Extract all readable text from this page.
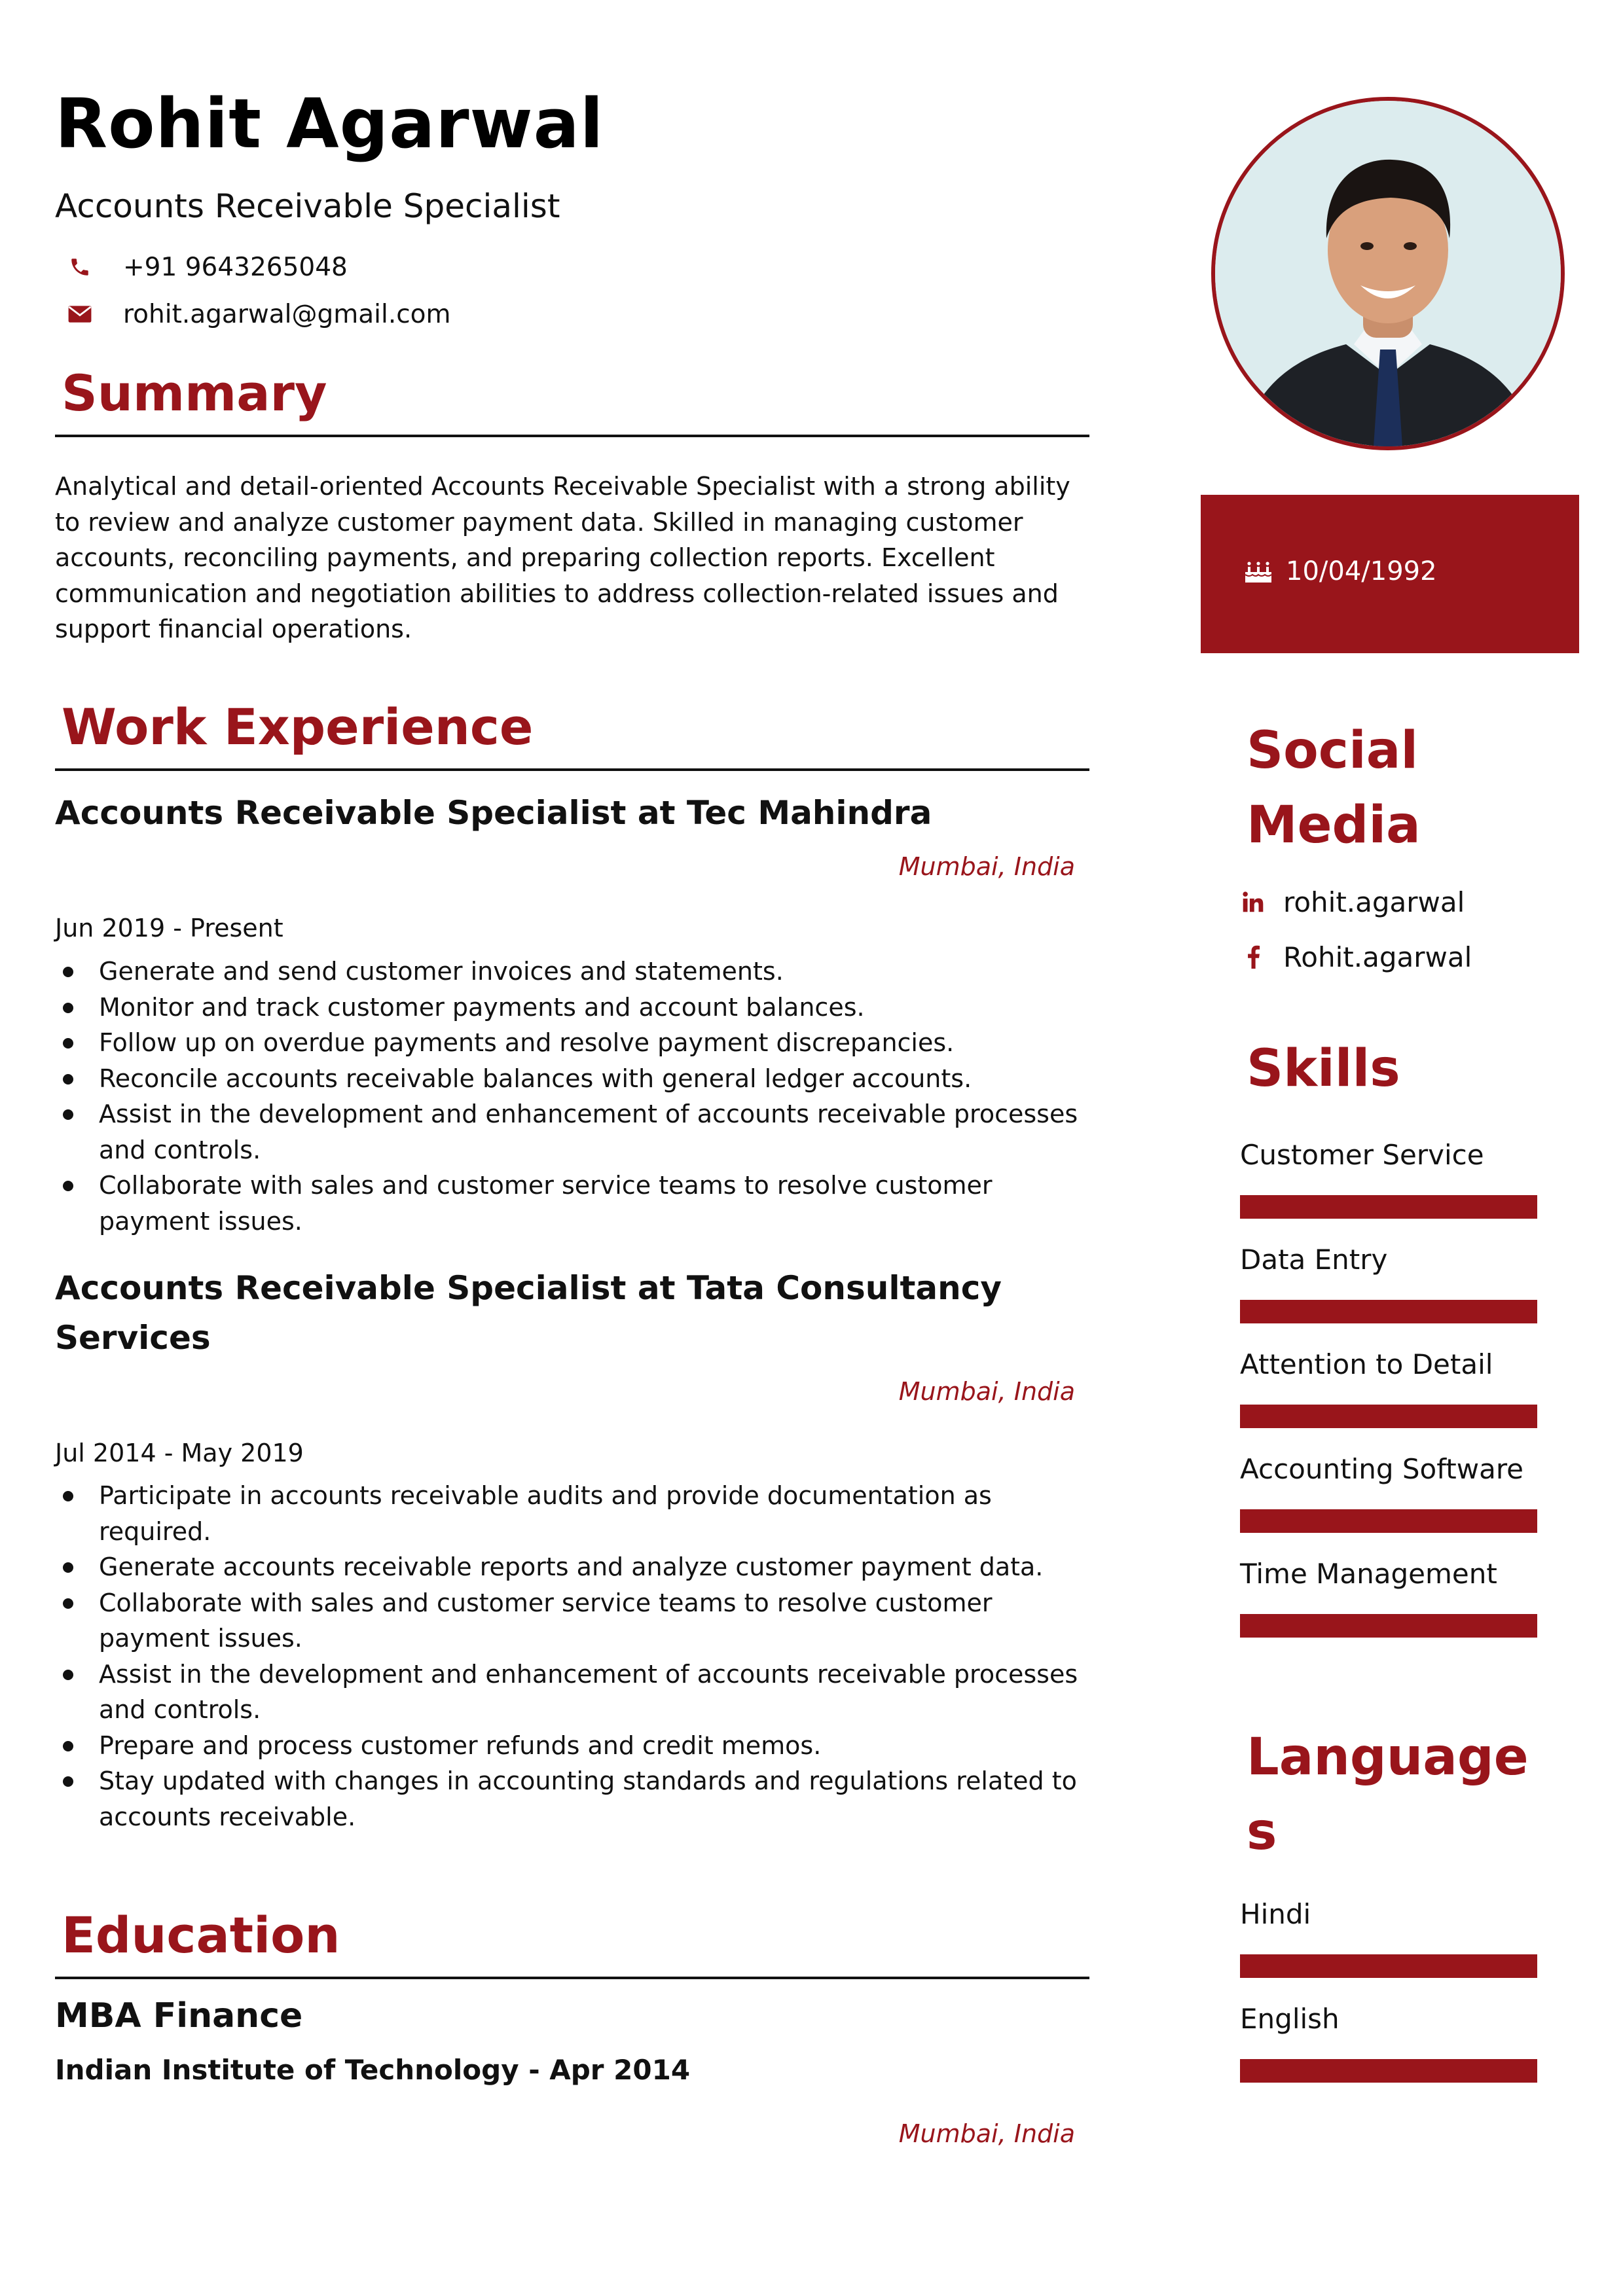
Rohit Agarwal
Accounts Receivable Specialist
+91 9643265048
rohit.agarwal@gmail.com
Summary

Analytical and detail-oriented Accounts Receivable Specialist with a strong ability to review and analyze customer payment data. Skilled in managing customer accounts, reconciling payments, and preparing collection reports. Excellent communication and negotiation abilities to address collection-related issues and support financial operations.

Work Experience
Accounts Receivable Specialist at Tec Mahindra
Mumbai, India
Jun 2019 - Present
Generate and send customer invoices and statements.
Monitor and track customer payments and account balances.
Follow up on overdue payments and resolve payment discrepancies.
Reconcile accounts receivable balances with general ledger accounts.
Assist in the development and enhancement of accounts receivable processes and controls.
Collaborate with sales and customer service teams to resolve customer payment issues.
Accounts Receivable Specialist at Tata Consultancy Services
Mumbai, India
Jul 2014 - May 2019
Participate in accounts receivable audits and provide documentation as required.
Generate accounts receivable reports and analyze customer payment data.
Collaborate with sales and customer service teams to resolve customer payment issues.
Assist in the development and enhancement of accounts receivable processes and controls.
Prepare and process customer refunds and credit memos.
Stay updated with changes in accounting standards and regulations related to accounts receivable.
Education
MBA Finance
Indian Institute of Technology - Apr 2014
Mumbai, India
10/04/1992
Social Media
rohit.agarwal
Rohit.agarwal
Skills
Customer Service
Data Entry
Attention to Detail
Accounting Software
Time Management
Language
s
Hindi
English
